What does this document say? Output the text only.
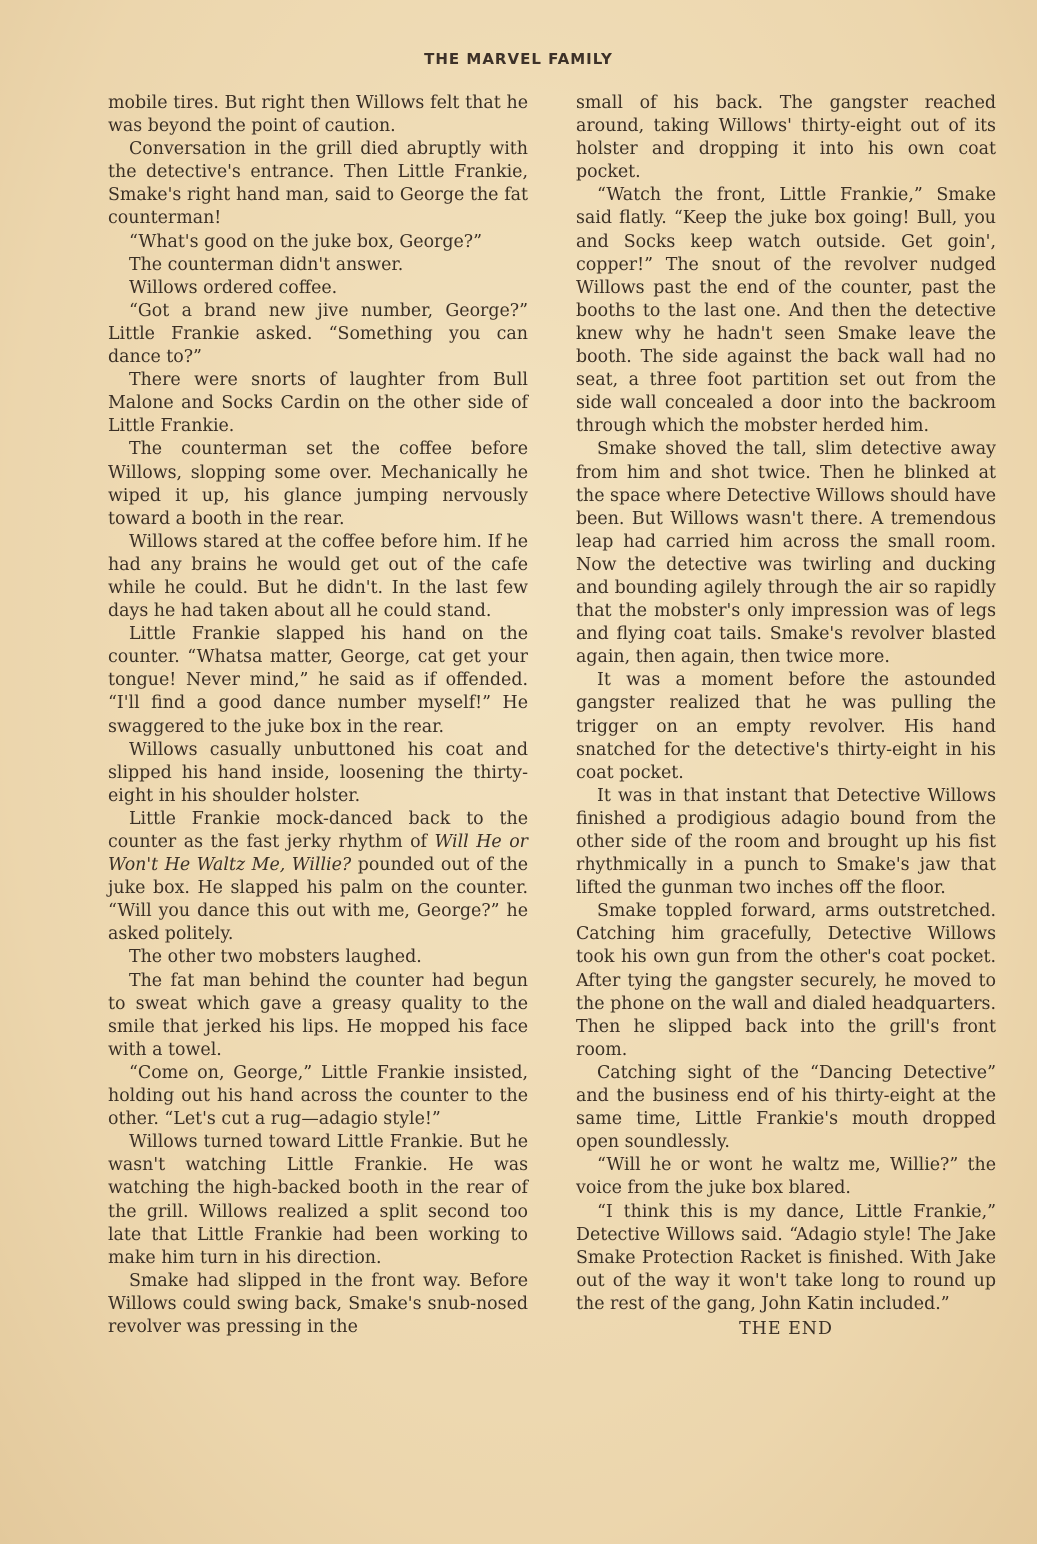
THE MARVEL FAMILY

mobile tires. But right then Willows felt that he was beyond the point of caution.

Conversation in the grill died abruptly with the detective's entrance. Then Little Frankie, Smake's right hand man, said to George the fat counterman!

“What's good on the juke box, George?”

The counterman didn't answer.

Willows ordered coffee.

“Got a brand new jive number, George?” Little Frankie asked. “Something you can dance to?”

There were snorts of laughter from Bull Malone and Socks Cardin on the other side of Little Frankie.

The counterman set the coffee before Willows, slopping some over. Mechanically he wiped it up, his glance jumping nervously toward a booth in the rear.

Willows stared at the coffee before him. If he had any brains he would get out of the cafe while he could. But he didn't. In the last few days he had taken about all he could stand.

Little Frankie slapped his hand on the counter. “Whatsa matter, George, cat get your tongue! Never mind,” he said as if offended. “I'll find a good dance number myself!” He swaggered to the juke box in the rear.

Willows casually unbuttoned his coat and slipped his hand inside, loosening the thirty-eight in his shoulder holster.

Little Frankie mock-danced back to the counter as the fast jerky rhythm of Will He or Won't He Waltz Me, Willie? pounded out of the juke box. He slapped his palm on the counter. “Will you dance this out with me, George?” he asked politely.

The other two mobsters laughed.

The fat man behind the counter had begun to sweat which gave a greasy quality to the smile that jerked his lips. He mopped his face with a towel.

“Come on, George,” Little Frankie insisted, holding out his hand across the counter to the other. “Let's cut a rug—adagio style!”

Willows turned toward Little Frankie. But he wasn't watching Little Frankie. He was watching the high-backed booth in the rear of the grill. Willows realized a split second too late that Little Frankie had been working to make him turn in his direction.

Smake had slipped in the front way. Before Willows could swing back, Smake's snub-nosed revolver was pressing in the

small of his back. The gangster reached around, taking Willows' thirty-eight out of its holster and dropping it into his own coat pocket.

“Watch the front, Little Frankie,” Smake said flatly. “Keep the juke box going! Bull, you and Socks keep watch outside. Get goin', copper!” The snout of the revolver nudged Willows past the end of the counter, past the booths to the last one. And then the detective knew why he hadn't seen Smake leave the booth. The side against the back wall had no seat, a three foot partition set out from the side wall concealed a door into the backroom through which the mobster herded him.

Smake shoved the tall, slim detective away from him and shot twice. Then he blinked at the space where Detective Willows should have been. But Willows wasn't there. A tremendous leap had carried him across the small room. Now the detective was twirling and ducking and bounding agilely through the air so rapidly that the mobster's only impression was of legs and flying coat tails. Smake's revolver blasted again, then again, then twice more.

It was a moment before the astounded gangster realized that he was pulling the trigger on an empty revolver. His hand snatched for the detective's thirty-eight in his coat pocket.

It was in that instant that Detective Willows finished a prodigious adagio bound from the other side of the room and brought up his fist rhythmically in a punch to Smake's jaw that lifted the gunman two inches off the floor.

Smake toppled forward, arms outstretched. Catching him gracefully, Detective Willows took his own gun from the other's coat pocket. After tying the gangster securely, he moved to the phone on the wall and dialed headquarters. Then he slipped back into the grill's front room.

Catching sight of the “Dancing Detective” and the business end of his thirty-eight at the same time, Little Frankie's mouth dropped open soundlessly.

“Will he or wont he waltz me, Willie?” the voice from the juke box blared.

“I think this is my dance, Little Frankie,” Detective Willows said. “Adagio style! The Jake Smake Protection Racket is finished. With Jake out of the way it won't take long to round up the rest of the gang, John Katin included.”

THE END
